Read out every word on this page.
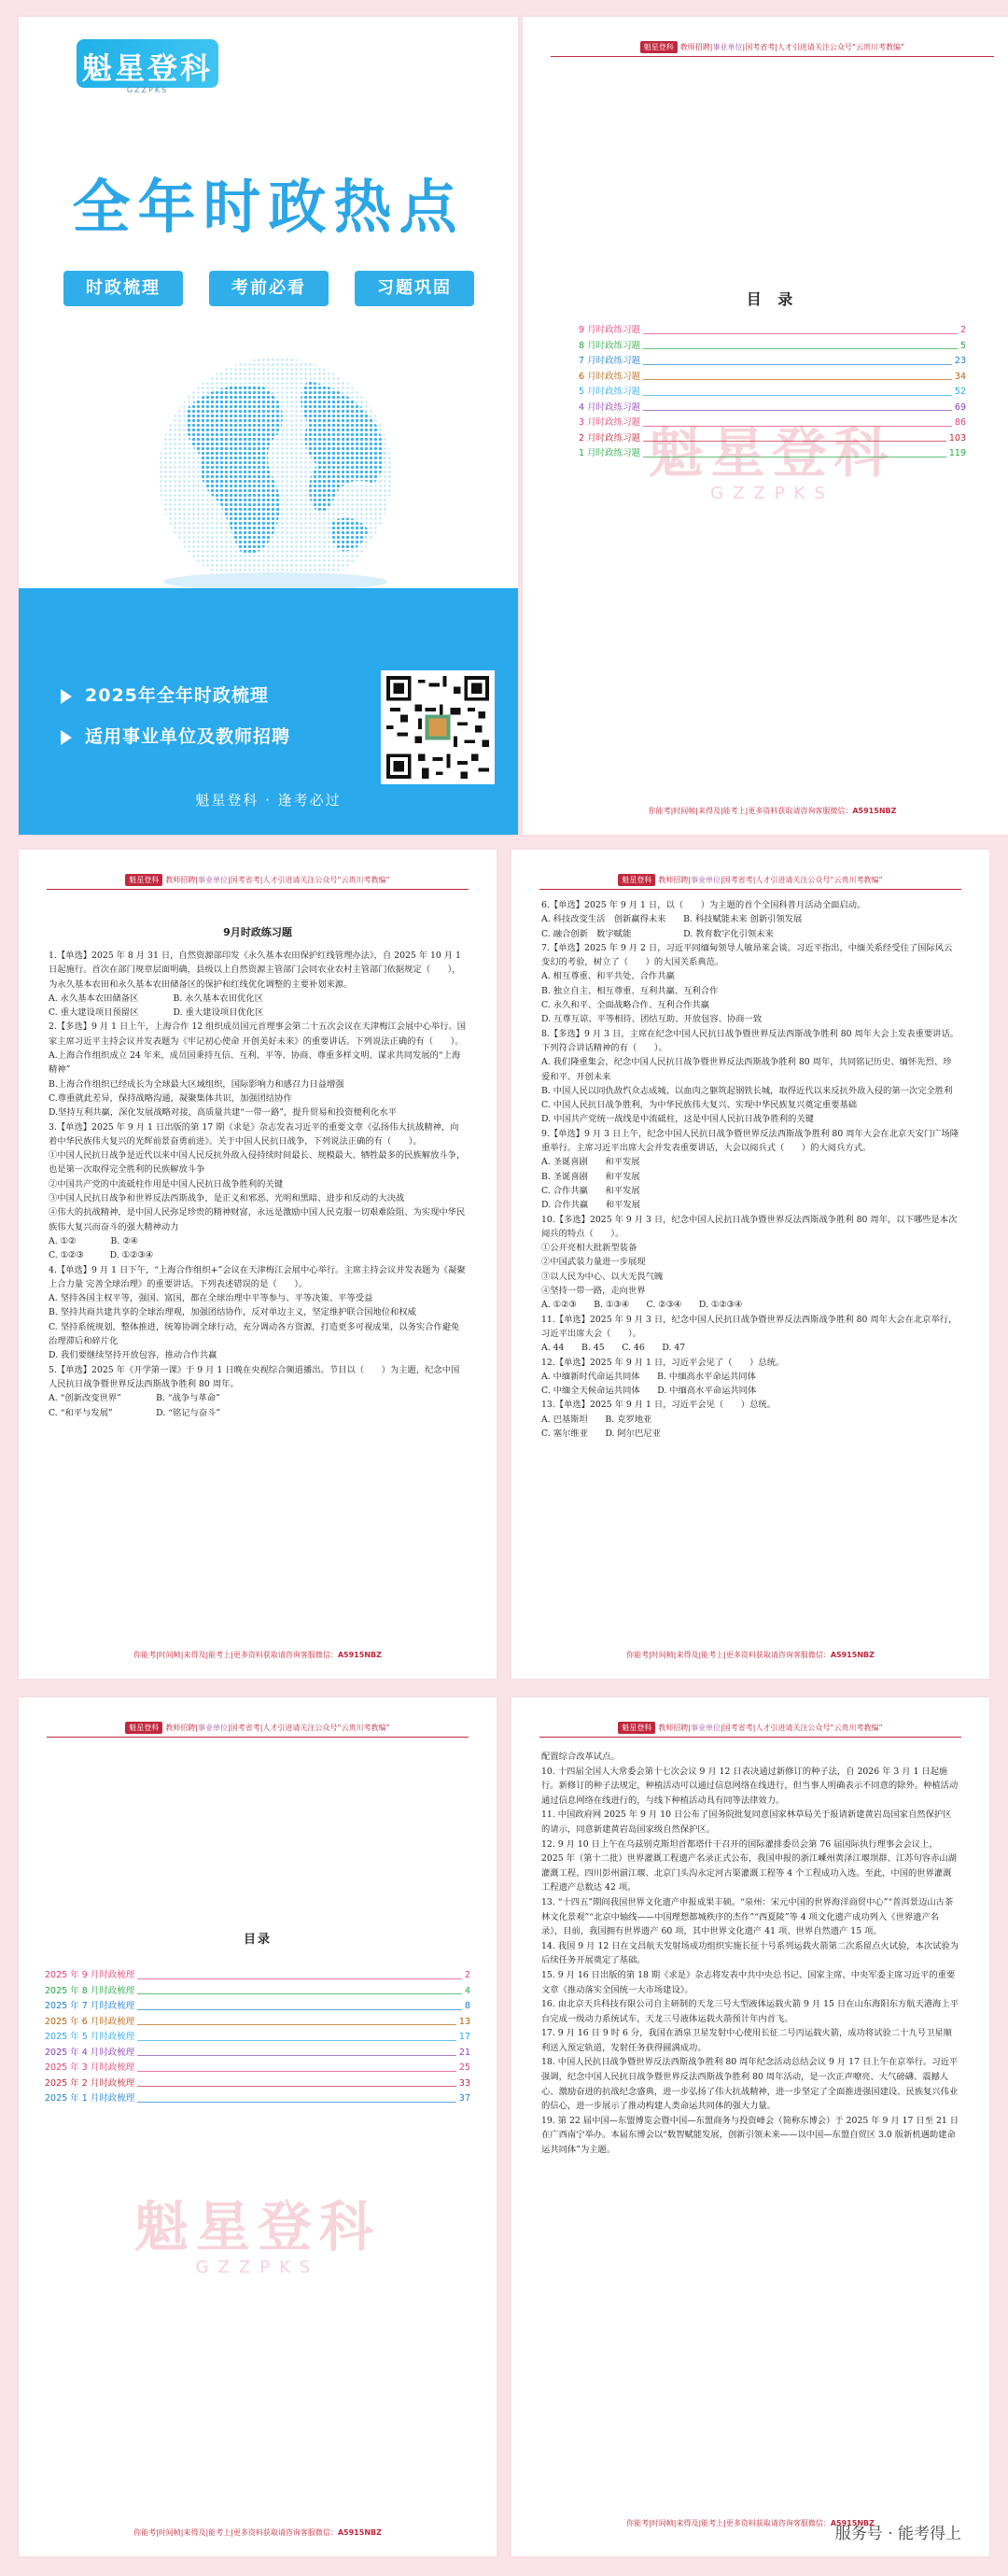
魁星登科
GZZPKS
全年时政热点
时政梳理	考前必看	习题巩固
2025年全年时政梳理
适用事业单位及教师招聘
魁星登科 · 逢考必过
魁星登科 教师招聘|事业单位|国考省考|人才引进请关注公众号“云贵川考教编”
魁星登科
GZZPKS
目 录
9 月时政练习题	2
8 月时政练习题	5
7 月时政练习题	23
6 月时政练习题	34
5 月时政练习题	52
4 月时政练习题	69
3 月时政练习题	86
2 月时政练习题	103
1 月时政练习题	119
你能考|时间帧|来得及|能考上|更多资料获取请咨询客服微信：A5915NBZ
魁星登科 教师招聘|事业单位|国考省考|人才引进请关注公众号“云贵川考教编”
9月时政练习题

1.【单选】2025 年 8 月 31 日，自然资源部印发《永久基本农田保护红线管理办法》，自 2025 年 10 月 1 日起施行。首次在部门规章层面明确，县级以上自然资源主管部门会同农业农村主管部门依据规定（　　），为永久基本农田和永久基本农田储备区的保护和红线优化调整的主要补划来源。

A. 永久基本农田储备区　　　　B. 永久基本农田优化区

C. 重大建设项目预留区　　　　D. 重大建设项目优化区

2.【多选】9 月 1 日上午，上海合作 12 组织成员国元首理事会第二十五次会议在天津梅江会展中心举行。国家主席习近平主持会议并发表题为《牢记初心使命 开创美好未来》的重要讲话。下列说法正确的有（　　）。

A.上海合作组织成立 24 年来，成员国秉持互信、互利、平等、协商、尊重多样文明、谋求共同发展的“上海精神”

B.上海合作组织已经成长为全球最大区域组织，国际影响力和感召力日益增强

C.尊重就此差异，保持战略沟通，凝聚集体共识，加强团结协作

D.坚持互利共赢，深化发展战略对接，高质量共建“一带一路”，提升贸易和投资便利化水平

3.【单选】2025 年 9 月 1 日出版的第 17 期《求是》杂志发表习近平的重要文章《弘扬伟大抗战精神，向着中华民族伟大复兴的光辉前景奋勇前进》。关于中国人民抗日战争，下列说法正确的有（　　）。

①中国人民抗日战争是近代以来中国人民反抗外敌入侵持续时间最长、规模最大、牺牲最多的民族解放斗争，也是第一次取得完全胜利的民族解放斗争

②中国共产党的中流砥柱作用是中国人民抗日战争胜利的关键

③中国人民抗日战争和世界反法西斯战争，是正义和邪恶、光明和黑暗、进步和反动的大决战

④伟大的抗战精神，是中国人民弥足珍贵的精神财富，永远是激励中国人民克服一切艰难险阻、为实现中华民族伟大复兴而奋斗的强大精神动力

A. ①②　　　　B. ②④

C. ①②③　　　D. ①②③④

4.【单选】9 月 1 日下午，“上海合作组织+”会议在天津梅江会展中心举行。主席主持会议并发表题为《凝聚上合力量 完善全球治理》的重要讲话。下列表述错误的是（　　）。

A. 坚持各国主权平等，强国、富国，都在全球治理中平等参与、平等决策、平等受益

B. 坚持共商共建共享的全球治理观，加强团结协作，反对单边主义，坚定维护联合国地位和权威

C. 坚持系统规划，整体推进，统筹协调全球行动，充分调动各方资源，打造更多可视成果，以务实合作避免治理滞后和碎片化

D. 我们要继续坚持开放包容，推动合作共赢

5.【单选】2025 年《开学第一课》于 9 月 1 日晚在央视综合频道播出。节目以（　　）为主题，纪念中国人民抗日战争暨世界反法西斯战争胜利 80 周年。

A. “创新改变世界”　　　　B. “战争与革命”

C. “和平与发展”　　　　　D. “铭记与奋斗”

你能考|时间帧|来得及|能考上|更多资料获取请咨询客服微信：A5915NBZ
魁星登科 教师招聘|事业单位|国考省考|人才引进请关注公众号“云贵川考教编”

6.【单选】2025 年 9 月 1 日，以（　　）为主题的首个全国科普月活动全面启动。

A. 科技改变生活　创新赢得未来　　B. 科技赋能未来 创新引领发展

C. 融合创新　数字赋能　　　　　　D. 教育数字化引领未来

7.【单选】2025 年 9 月 2 日，习近平同缅甸领导人敏昂莱会谈。习近平指出，中缅关系经受住了国际风云变幻的考验，树立了（　　）的大国关系典范。

A. 相互尊重、和平共处、合作共赢

B. 独立自主、相互尊重、互利共赢、互利合作

C. 永久和平、全面战略合作、互利合作共赢

D. 互尊互谅、平等相待、团结互助、开放包容、协商一致

8.【多选】9 月 3 日，主席在纪念中国人民抗日战争暨世界反法西斯战争胜利 80 周年大会上发表重要讲话。下列符合讲话精神的有（　　）。

A. 我们隆重集会，纪念中国人民抗日战争暨世界反法西斯战争胜利 80 周年，共同铭记历史、缅怀先烈、珍爱和平、开创未来

B. 中国人民以同仇敌忾众志成城、以血肉之躯筑起钢铁长城，取得近代以来反抗外敌入侵的第一次完全胜利

C. 中国人民抗日战争胜利，为中华民族伟大复兴、实现中华民族复兴奠定重要基础

D. 中国共产党统一战线是中流砥柱，这是中国人民抗日战争胜利的关键

9.【单选】9 月 3 日上午，纪念中国人民抗日战争暨世界反法西斯战争胜利 80 周年大会在北京天安门广场隆重举行。主席习近平出席大会并发表重要讲话，大会以阅兵式（　　）的大阅兵方式。

A. 圣诞喜剧　　和平发展

B. 圣诞喜剧　　和平发展

C. 合作共赢　　和平发展

D. 合作共赢　　和平发展

10.【多选】2025 年 9 月 3 日，纪念中国人民抗日战争暨世界反法西斯战争胜利 80 周年，以下哪些是本次阅兵的特点（　　）。

①公开亮相大批新型装备

②中国武装力量进一步展现

③以人民为中心、以大无畏气魄

④坚持一带一路，走向世界

A. ①②③　　B. ①③④　　C. ②③④　　D. ①②③④

11.【单选】2025 年 9 月 3 日，纪念中国人民抗日战争暨世界反法西斯战争胜利 80 周年大会在北京举行，习近平出席大会（　　）。

A. 44　　B. 45　　C. 46　　D. 47

12.【单选】2025 年 9 月 1 日，习近平会见了（　　）总统。

A. 中缅新时代命运共同体　　B. 中缅高水平命运共同体

C. 中缅全天候命运共同体　　D. 中缅高水平命运共同体

13.【单选】2025 年 9 月 1 日，习近平会见（　　）总统。

A. 巴基斯坦　　B. 克罗地亚

C. 塞尔维亚　　D. 阿尔巴尼亚

你能考|时间帧|来得及|能考上|更多资料获取请咨询客服微信：A5915NBZ
魁星登科 教师招聘|事业单位|国考省考|人才引进请关注公众号“云贵川考教编”
目录
2025 年 9 月时政梳理	2
2025 年 8 月时政梳理	4
2025 年 7 月时政梳理	8
2025 年 6 月时政梳理	13
2025 年 5 月时政梳理	17
2025 年 4 月时政梳理	21
2025 年 3 月时政梳理	25
2025 年 2 月时政梳理	33
2025 年 1 月时政梳理	37
魁星登科
GZZPKS
你能考|时间帧|来得及|能考上|更多资料获取请咨询客服微信：A5915NBZ
魁星登科 教师招聘|事业单位|国考省考|人才引进请关注公众号“云贵川考教编”

配置综合改革试点。

10. 十四届全国人大常委会第十七次会议 9 月 12 日表决通过新修订的种子法，自 2026 年 3 月 1 日起施行。新修订的种子法规定，种植活动可以通过信息网络在线进行，但当事人明确表示不同意的除外。种植活动通过信息网络在线进行的，与线下种植活动具有同等法律效力。

11. 中国政府网 2025 年 9 月 10 日公布了国务院批复同意国家林草局关于报请新建黄岩岛国家自然保护区的请示，同意新建黄岩岛国家级自然保护区。

12. 9 月 10 日上午在乌兹别克斯坦首都塔什干召开的国际灌排委员会第 76 届国际执行理事会会议上，2025 年（第十二批）世界灌溉工程遗产名录正式公布，我国申报的浙江嵊州黄泽江堰坝群、江苏句容赤山湖灌溉工程、四川彭州湔江堰、北京门头沟永定河古渠灌溉工程等 4 个工程成功入选。至此，中国的世界灌溉工程遗产总数达 42 项。

13. “十四五”期间我国世界文化遗产申报成果丰硕。“泉州：宋元中国的世界海洋商贸中心”“普洱景迈山古茶林文化景观”“北京中轴线——中国理想都城秩序的杰作”“西夏陵”等 4 项文化遗产成功列入《世界遗产名录》，目前，我国拥有世界遗产 60 项，其中世界文化遗产 41 项、世界自然遗产 15 项。

14. 我国 9 月 12 日在文昌航天发射场成功组织实施长征十号系列运载火箭第二次系留点火试验，本次试验为后续任务开展奠定了基础。

15. 9 月 16 日出版的第 18 期《求是》杂志将发表中共中央总书记、国家主席、中央军委主席习近平的重要文章《推动落实全国统一大市场建设》。

16. 由北京天兵科技有限公司自主研制的天龙三号大型液体运载火箭 9 月 15 日在山东海阳东方航天港海上平台完成一级动力系统试车，天龙三号液体运载火箭预计年内首飞。

17. 9 月 16 日 9 时 6 分，我国在酒泉卫星发射中心使用长征二号丙运载火箭，成功将试验二十九号卫星顺利送入预定轨道，发射任务获得圆满成功。

18. 中国人民抗日战争暨世界反法西斯战争胜利 80 周年纪念活动总结会议 9 月 17 日上午在京举行。习近平强调，纪念中国人民抗日战争暨世界反法西斯战争胜利 80 周年活动，是一次正声嘹亮、大气磅礴、震撼人心、激励奋进的抗战纪念盛典，进一步弘扬了伟大抗战精神，进一步坚定了全面推进强国建设、民族复兴伟业的信心，进一步展示了推动构建人类命运共同体的强大力量。

19. 第 22 届中国—东盟博览会暨中国—东盟商务与投资峰会（简称东博会）于 2025 年 9 月 17 日至 21 日在广西南宁举办。本届东博会以“数智赋能发展，创新引领未来——以中国—东盟自贸区 3.0 版新机遇助建命运共同体”为主题。

你能考|时间帧|来得及|能考上|更多资料获取请咨询客服微信：A5915NBZ
服务号 · 能考得上
